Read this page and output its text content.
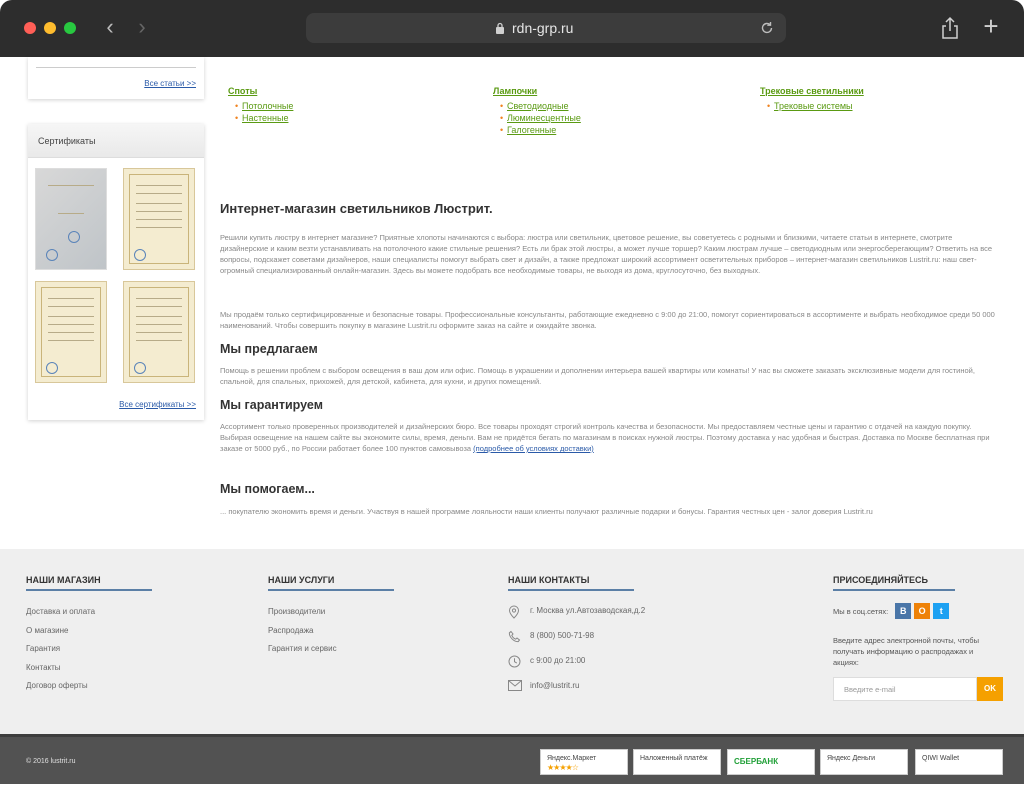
‹	›	rdn-grp.ru	+
Все статьи >>
Сертификаты
Все сертификаты >>
Споты
• Потолочные
• Настенные
Лампочки
• Светодиодные
• Люминесцентные
• Галогенные
Трековые светильники
• Трековые системы
Интернет-магазин светильников Люстрит.
Решили купить люстру в интернет магазине? Приятные хлопоты начинаются с выбора: люстра или светильник, цветовое решение, вы советуетесь с родными и близкими, читаете статьи в интернете, смотрите дизайнерские и каким везти устанавливать на потолочного какие стильные решения? Есть ли брак этой люстры, а может лучше торшер? Каким люстрам лучше – светодиодным или энергосберегающим? Ответить на все вопросы, подскажет советами дизайнеров, наши специалисты помогут выбрать свет и дизайн, а также предложат широкий ассортимент осветительных приборов – интернет-магазин светильников Lustrit.ru: наш свет-огромный специализированный онлайн-магазин. Здесь вы можете подобрать все необходимые товары, не выходя из дома, круглосуточно, без выходных.
Мы продаём только сертифицированные и безопасные товары. Профессиональные консультанты, работающие ежедневно с 9:00 до 21:00, помогут сориентироваться в ассортименте и выбрать необходимое среди 50 000 наименований. Чтобы совершить покупку в магазине Lustrit.ru оформите заказ на сайте и ожидайте звонка.
Мы предлагаем
Помощь в решении проблем с выбором освещения в ваш дом или офис. Помощь в украшении и дополнении интерьера вашей квартиры или комнаты! У нас вы сможете заказать эксклюзивные модели для гостиной, спальной, для спальных, прихожей, для детской, кабинета, для кухни, и других помещений.
Мы гарантируем
Ассортимент только проверенных производителей и дизайнерских бюро. Все товары проходят строгий контроль качества и безопасности. Мы предоставляем честные цены и гарантию с отдачей на каждую покупку. Выбирая освещение на нашем сайте вы экономите силы, время, деньги. Вам не придётся бегать по магазинам в поисках нужной люстры. Поэтому доставка у нас удобная и быстрая. Доставка по Москве бесплатная при заказе от 5000 руб., по России работает более 100 пунктов самовывоза (подробнее об условиях доставки)
Мы помогаем...
... покупателю экономить время и деньги. Участвуя в нашей программе лояльности наши клиенты получают различные подарки и бонусы. Гарантия честных цен - залог доверия Lustrit.ru
НАШИ МАГАЗИН
Доставка и оплата
О магазине
Гарантия
Контакты
Договор оферты
НАШИ УСЛУГИ
Производители
Распродажа
Гарантия и сервис
НАШИ КОНТАКТЫ
г. Москва ул.Автозаводская,д.2
8 (800) 500-71-98
с 9:00 до 21:00
info@lustrit.ru
ПРИСОЕДИНЯЙТЕСЬ
Мы в соц.сетях:	В	О	t
Введите адрес электронной почты, чтобы получать информацию о распродажах и акциях:
Введите e-mail	OK
© 2016 lustrit.ru	Яндекс.Маркет
★★★★☆
Наложенный платёж	СБЕРБАНК	Яндекс Деньги	QIWI Wallet
